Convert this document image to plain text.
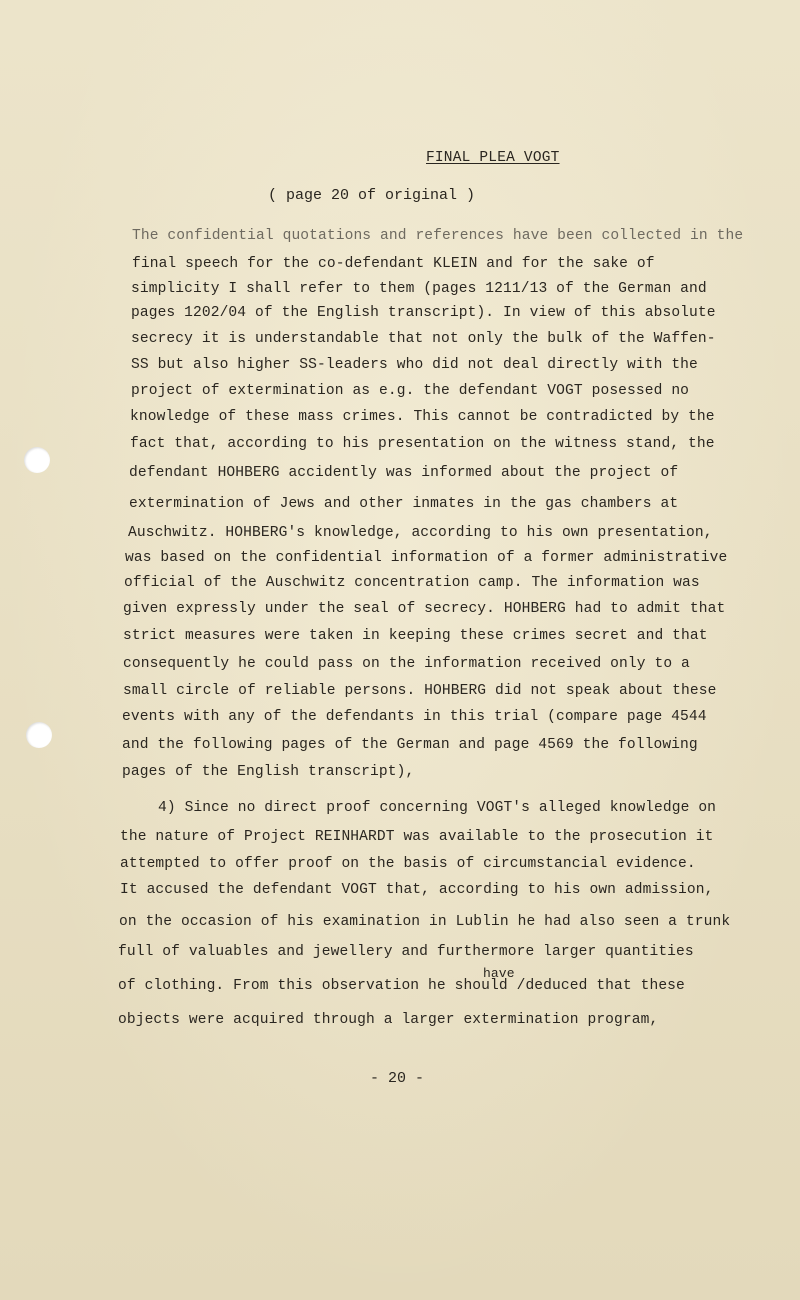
FINAL PLEA VOGT
( page 20 of original )
The confidential quotations and references have been collected in the
final speech for the co-defendant KLEIN and for the sake of
simplicity I shall refer to them (pages 1211/13 of the German and
pages 1202/04 of the English transcript). In view of this absolute
secrecy it is understandable that not only the bulk of the Waffen-
SS but also higher SS-leaders who did not deal directly with the
project of extermination as e.g. the defendant VOGT posessed no
knowledge of these mass crimes. This cannot be contradicted by the
fact that, according to his presentation on the witness stand, the
defendant HOHBERG accidently was informed about the project of
extermination of Jews and other inmates in the gas chambers at
Auschwitz. HOHBERG's knowledge, according to his own presentation,
was based on the confidential information of a former administrative
official of the Auschwitz concentration camp. The information was
given expressly under the seal of secrecy. HOHBERG had to admit that
strict measures were taken in keeping these crimes secret and that
consequently he could pass on the information received only to a
small circle of reliable persons. HOHBERG did not speak about these
events with any of the defendants in this trial (compare page 4544
and the following pages of the German and page 4569 the following
pages of the English transcript),
4) Since no direct proof concerning VOGT's alleged knowledge on
the nature of Project REINHARDT was available to the prosecution it
attempted to offer proof on the basis of circumstancial evidence.
It accused the defendant VOGT that, according to his own admission,
on the occasion of his examination in Lublin he had also seen a trunk
full of valuables and jewellery and furthermore larger quantities
have
of clothing. From this observation he should /deduced that these
objects were acquired through a larger extermination program,
- 20 -
